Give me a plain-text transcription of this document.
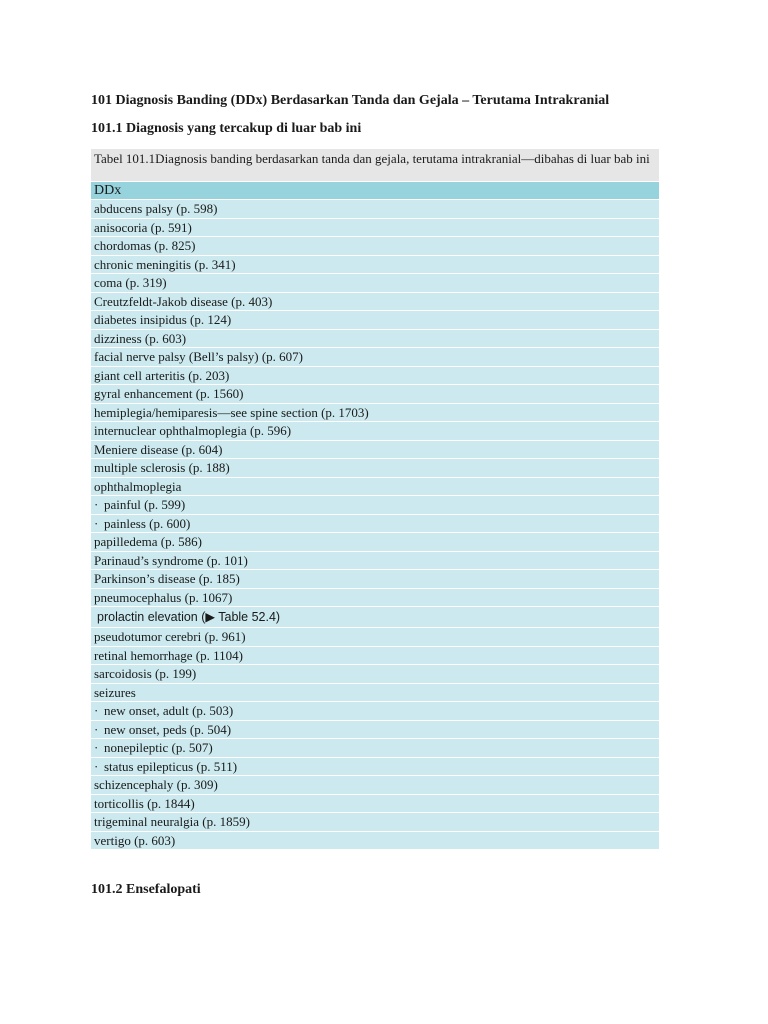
101 Diagnosis Banding (DDx) Berdasarkan Tanda dan Gejala – Terutama Intrakranial
101.1 Diagnosis yang tercakup di luar bab ini
Tabel 101.1Diagnosis banding berdasarkan tanda dan gejala, terutama intrakranial—dibahas di luar bab ini
DDx
abducens palsy (p. 598)
anisocoria (p. 591)
chordomas (p. 825)
chronic meningitis (p. 341)
coma (p. 319)
Creutzfeldt-Jakob disease (p. 403)
diabetes insipidus (p. 124)
dizziness (p. 603)
facial nerve palsy (Bell’s palsy) (p. 607)
giant cell arteritis (p. 203)
gyral enhancement (p. 1560)
hemiplegia/hemiparesis—see spine section (p. 1703)
internuclear ophthalmoplegia (p. 596)
Meniere disease (p. 604)
multiple sclerosis (p. 188)
ophthalmoplegia
· painful (p. 599)
· painless (p. 600)
papilledema (p. 586)
Parinaud’s syndrome (p. 101)
Parkinson’s disease (p. 185)
pneumocephalus (p. 1067)
prolactin elevation (▶ Table 52.4)
pseudotumor cerebri (p. 961)
retinal hemorrhage (p. 1104)
sarcoidosis (p. 199)
seizures
· new onset, adult (p. 503)
· new onset, peds (p. 504)
· nonepileptic (p. 507)
· status epilepticus (p. 511)
schizencephaly (p. 309)
torticollis (p. 1844)
trigeminal neuralgia (p. 1859)
vertigo (p. 603)
101.2 Ensefalopati
